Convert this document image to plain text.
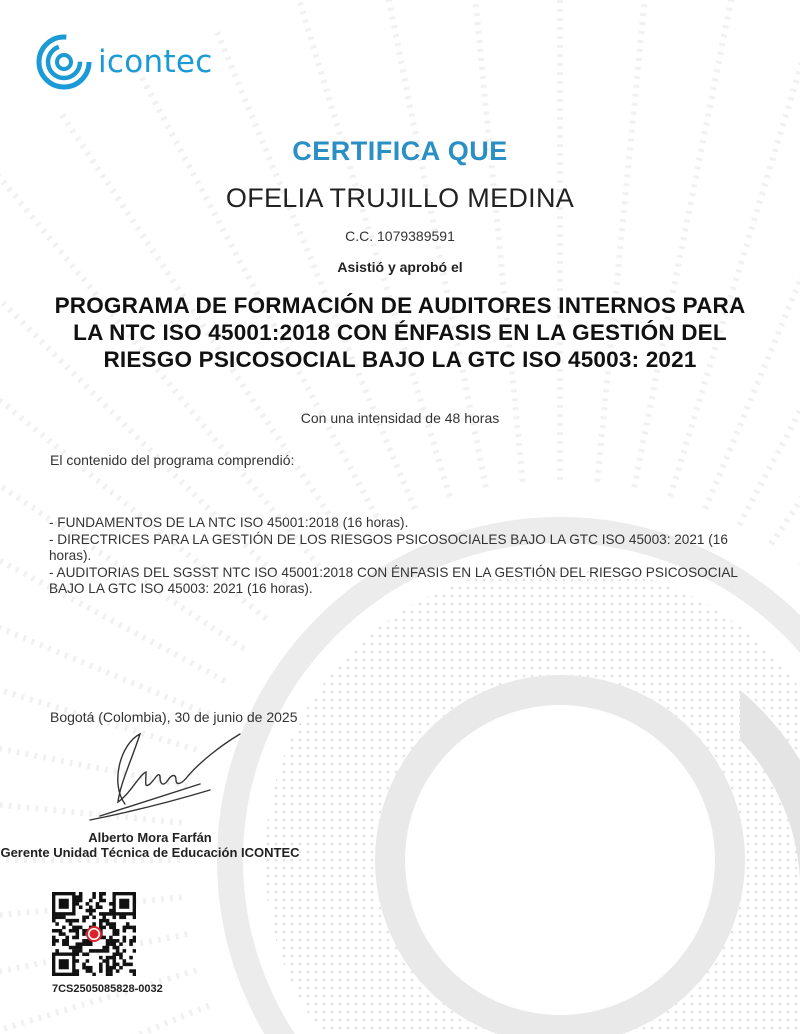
icontec
CERTIFICA QUE
OFELIA TRUJILLO MEDINA
C.C. 1079389591
Asistió y aprobó el
PROGRAMA DE FORMACIÓN DE AUDITORES INTERNOS PARA
LA NTC ISO 45001:2018 CON ÉNFASIS EN LA GESTIÓN DEL
RIESGO PSICOSOCIAL BAJO LA GTC ISO 45003: 2021
Con una intensidad de 48 horas
El contenido del programa comprendió:

- FUNDAMENTOS DE LA NTC ISO 45001:2018 (16 horas).

- DIRECTRICES PARA LA GESTIÓN DE LOS RIESGOS PSICOSOCIALES BAJO LA GTC ISO 45003: 2021 (16 horas).

- AUDITORIAS DEL SGSST NTC ISO 45001:2018 CON ÉNFASIS EN LA GESTIÓN DEL RIESGO PSICOSOCIAL BAJO LA GTC ISO 45003: 2021 (16 horas).

Bogotá (Colombia), 30 de junio de 2025
Alberto Mora Farfán
Gerente Unidad Técnica de Educación ICONTEC
7CS2505085828-0032
